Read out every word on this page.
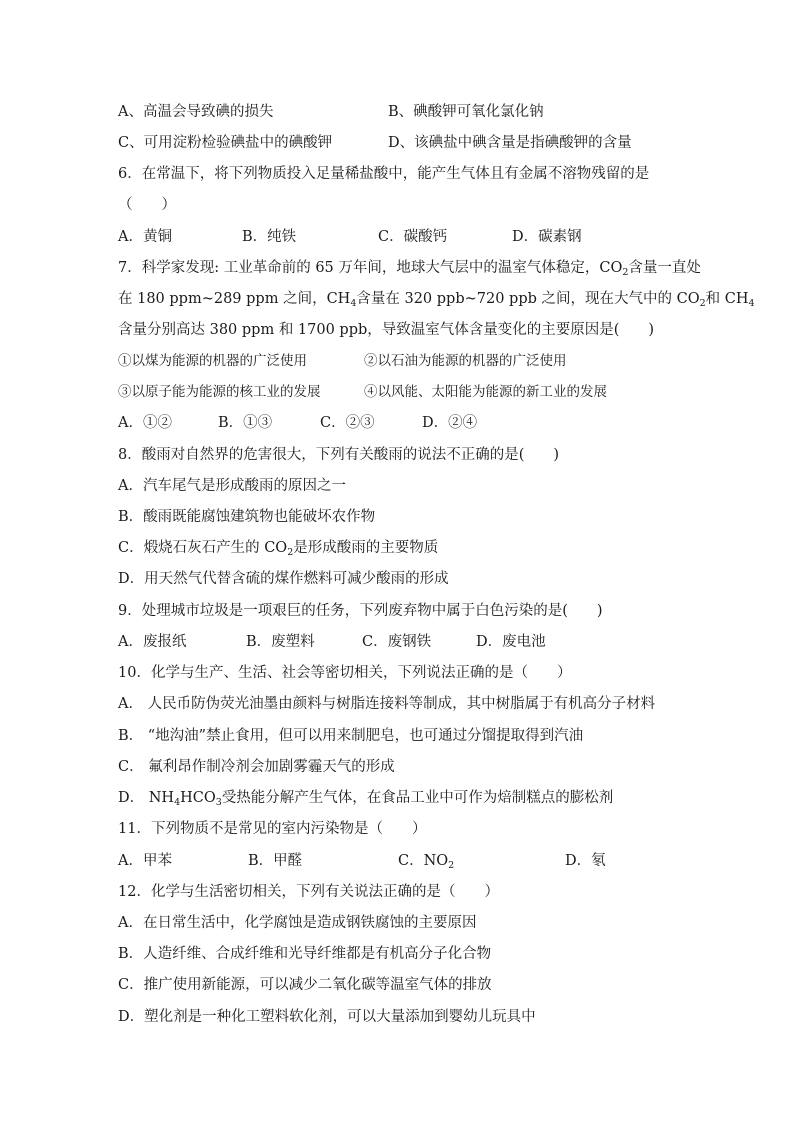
A、高温会导致碘的损失	B、碘酸钾可氧化氯化钠
C、可用淀粉检验碘盐中的碘酸钾	D、该碘盐中碘含量是指碘酸钾的含量
6．在常温下，将下列物质投入足量稀盐酸中，能产生气体且有金属不溶物残留的是
（　　）
A．黄铜	B．纯铁	C．碳酸钙	D．碳素钢
7．科学家发现: 工业革命前的 65 万年间，地球大气层中的温室气体稳定，$CO_2$含量一直处
在 180 ppm~289 ppm 之间，$CH_4$含量在 320 ppb~720 ppb 之间，现在大气中的 $CO_2$和 $CH_4$
含量分别高达 380 ppm 和 1700 ppb，导致温室气体含量变化的主要原因是(　　)
①以煤为能源的机器的广泛使用	②以石油为能源的机器的广泛使用
③以原子能为能源的核工业的发展	④以风能、太阳能为能源的新工业的发展
A．①②	B．①③	C．②③	D．②④
8．酸雨对自然界的危害很大，下列有关酸雨的说法不正确的是(　　)
A．汽车尾气是形成酸雨的原因之一
B．酸雨既能腐蚀建筑物也能破坏农作物
C．煅烧石灰石产生的 $CO_2$是形成酸雨的主要物质
D．用天然气代替含硫的煤作燃料可减少酸雨的形成
9．处理城市垃圾是一项艰巨的任务，下列废弃物中属于白色污染的是(　　)
A．废报纸	B．废塑料	C．废钢铁	D．废电池
10．化学与生产、生活、社会等密切相关，下列说法正确的是（　　）
A． 人民币防伪荧光油墨由颜料与树脂连接料等制成，其中树脂属于有机高分子材料
B． “地沟油”禁止食用，但可以用来制肥皂，也可通过分馏提取得到汽油
C． 氟利昂作制冷剂会加剧雾霾天气的形成
D． $NH_4HCO_3$受热能分解产生气体，在食品工业中可作为焙制糕点的膨松剂
11．下列物质不是常见的室内污染物是（　　）
A．甲苯	B．甲醛	C．$NO_2$	D．氡
12．化学与生活密切相关，下列有关说法正确的是（　　）
A．在日常生活中，化学腐蚀是造成钢铁腐蚀的主要原因
B．人造纤维、合成纤维和光导纤维都是有机高分子化合物
C．推广使用新能源，可以减少二氧化碳等温室气体的排放
D．塑化剂是一种化工塑料软化剂，可以大量添加到婴幼儿玩具中
